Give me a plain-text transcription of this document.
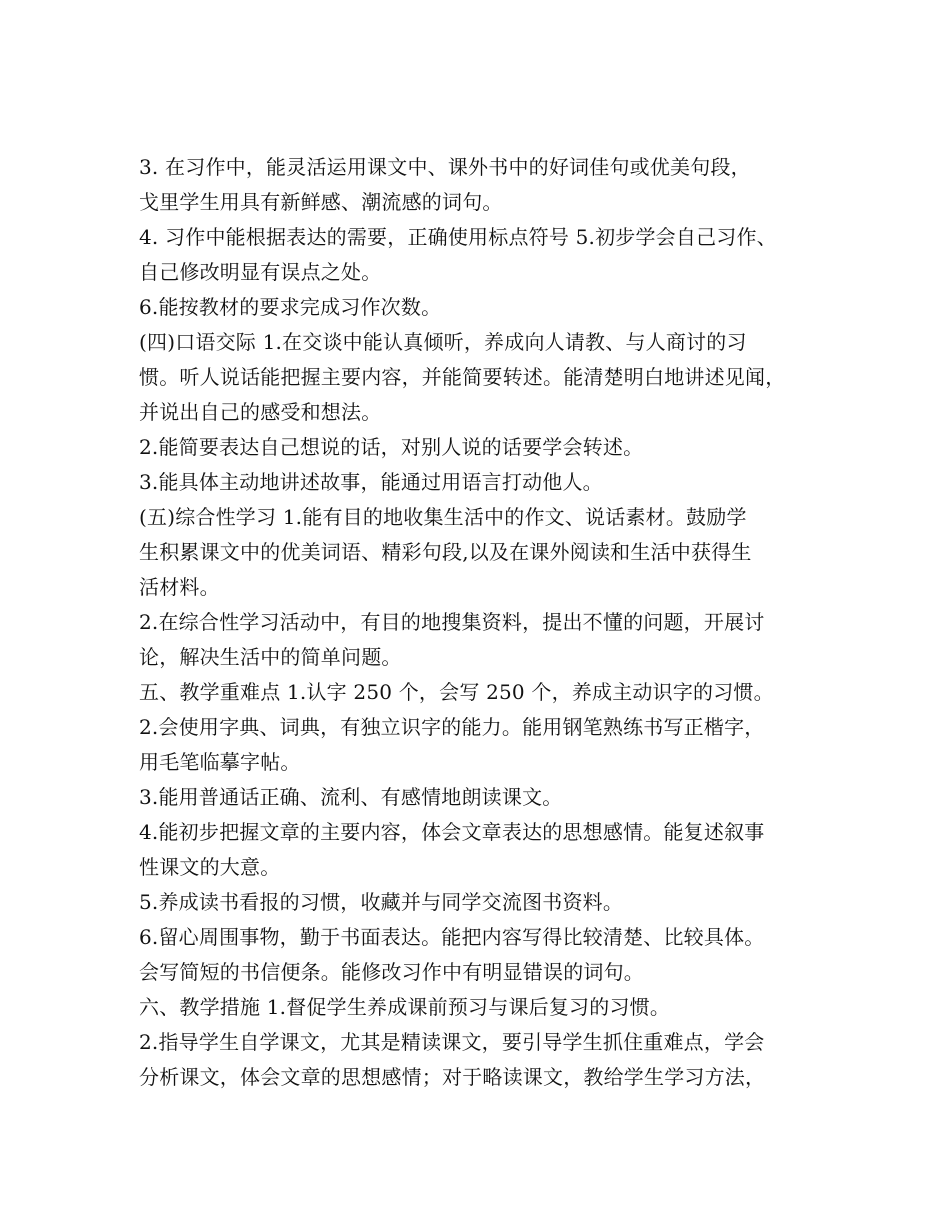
3. 在习作中，能灵活运用课文中、课外书中的好词佳句或优美句段，
戈里学生用具有新鲜感、潮流感的词句。
4. 习作中能根据表达的需要，正确使用标点符号 5.初步学会自己习作、
自己修改明显有误点之处。
6.能按教材的要求完成习作次数。
(四)口语交际 1.在交谈中能认真倾听，养成向人请教、与人商讨的习
惯。听人说话能把握主要内容，并能简要转述。能清楚明白地讲述见闻，
并说出自己的感受和想法。
2.能简要表达自己想说的话，对别人说的话要学会转述。
3.能具体主动地讲述故事，能通过用语言打动他人。
(五)综合性学习 1.能有目的地收集生活中的作文、说话素材。鼓励学
生积累课文中的优美词语、精彩句段,以及在课外阅读和生活中获得生
活材料。
2.在综合性学习活动中，有目的地搜集资料，提出不懂的问题，开展讨
论，解决生活中的简单问题。
五、教学重难点 1.认字 250 个，会写 250 个，养成主动识字的习惯。
2.会使用字典、词典，有独立识字的能力。能用钢笔熟练书写正楷字，
用毛笔临摹字帖。
3.能用普通话正确、流利、有感情地朗读课文。
4.能初步把握文章的主要内容，体会文章表达的思想感情。能复述叙事
性课文的大意。
5.养成读书看报的习惯，收藏并与同学交流图书资料。
6.留心周围事物，勤于书面表达。能把内容写得比较清楚、比较具体。
会写简短的书信便条。能修改习作中有明显错误的词句。
六、教学措施 1.督促学生养成课前预习与课后复习的习惯。
2.指导学生自学课文，尤其是精读课文，要引导学生抓住重难点，学会
分析课文，体会文章的思想感情；对于略读课文，教给学生学习方法，
